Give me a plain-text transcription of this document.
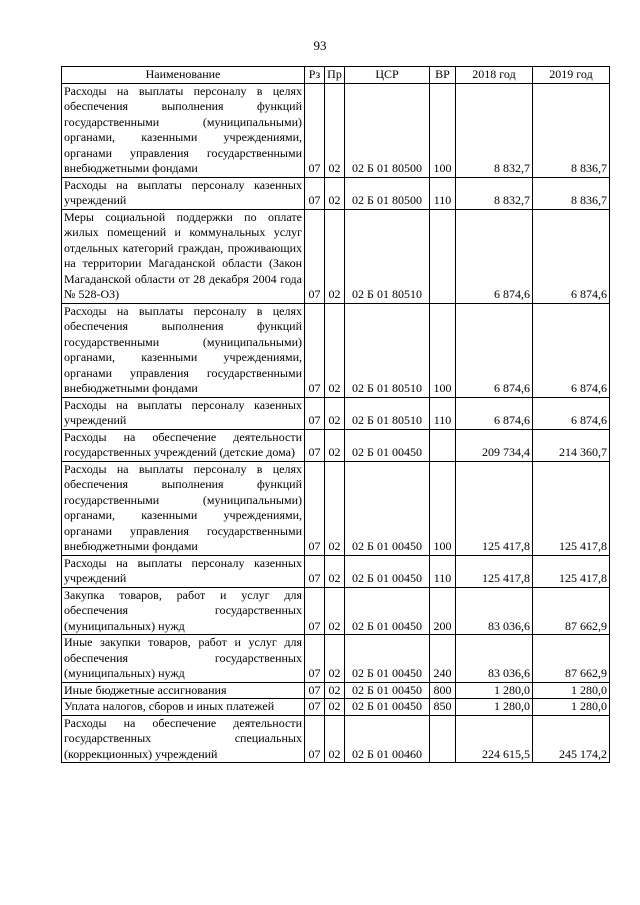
93
Наименование	Рз	Пр	ЦСР	ВР	2018 год	2019 год
Расходы на выплаты персоналу в целях обеспечения выполнения функций государственными (муниципальными) органами, казенными учреждениями, органами управления государственными внебюджетными фондами	07	02	02 Б 01 80500	100	8 832,7	8 836,7
Расходы на выплаты персоналу казенных учреждений	07	02	02 Б 01 80500	110	8 832,7	8 836,7
Меры социальной поддержки по оплате жилых помещений и коммунальных услуг отдельных категорий граждан, проживающих на территории Магаданской области (Закон Магаданской области от 28 декабря 2004 года № 528-ОЗ)	07	02	02 Б 01 80510		6 874,6	6 874,6
Расходы на выплаты персоналу в целях обеспечения выполнения функций государственными (муниципальными) органами, казенными учреждениями, органами управления государственными внебюджетными фондами	07	02	02 Б 01 80510	100	6 874,6	6 874,6
Расходы на выплаты персоналу казенных учреждений	07	02	02 Б 01 80510	110	6 874,6	6 874,6
Расходы на обеспечение деятельности государственных учреждений (детские дома)	07	02	02 Б 01 00450		209 734,4	214 360,7
Расходы на выплаты персоналу в целях обеспечения выполнения функций государственными (муниципальными) органами, казенными учреждениями, органами управления государственными внебюджетными фондами	07	02	02 Б 01 00450	100	125 417,8	125 417,8
Расходы на выплаты персоналу казенных учреждений	07	02	02 Б 01 00450	110	125 417,8	125 417,8
Закупка товаров, работ и услуг для обеспечения государственных (муниципальных) нужд	07	02	02 Б 01 00450	200	83 036,6	87 662,9
Иные закупки товаров, работ и услуг для обеспечения государственных (муниципальных) нужд	07	02	02 Б 01 00450	240	83 036,6	87 662,9
Иные бюджетные ассигнования	07	02	02 Б 01 00450	800	1 280,0	1 280,0
Уплата налогов, сборов и иных платежей	07	02	02 Б 01 00450	850	1 280,0	1 280,0
Расходы на обеспечение деятельности государственных специальных (коррекционных) учреждений	07	02	02 Б 01 00460		224 615,5	245 174,2
